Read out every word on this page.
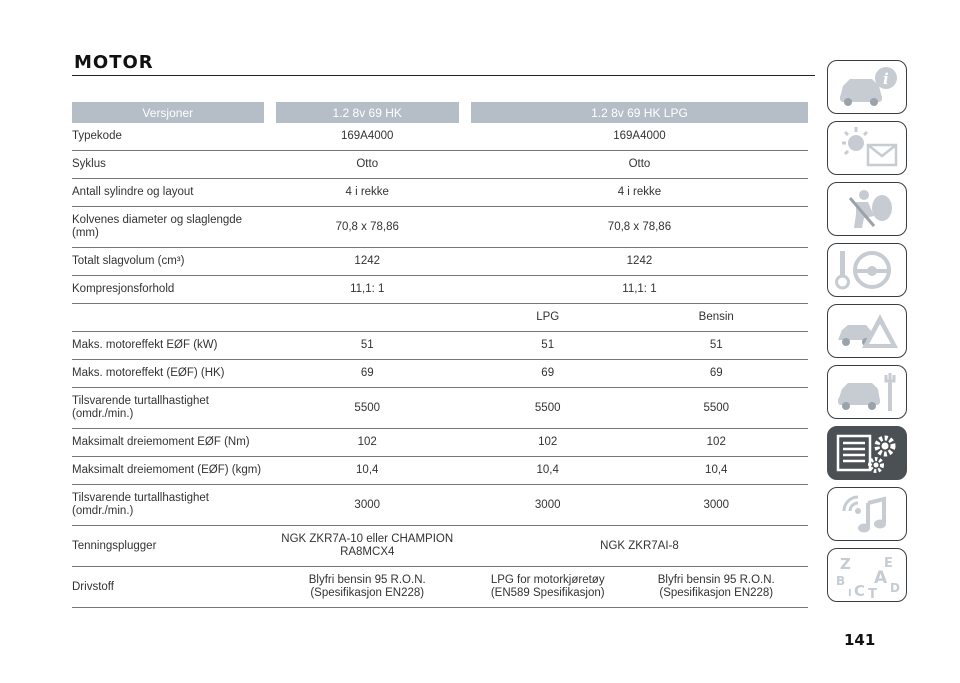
MOTOR
Versjoner		1.2 8v 69 HK		1.2 8v 69 HK LPG	
Typekode		169A4000		169A4000	
Syklus		Otto		Otto	
Antall sylindre og layout		4 i rekke		4 i rekke	
Kolvenes diameter og slaglengde (mm)		70,8 x 78,86		70,8 x 78,86	
Totalt slagvolum (cm³)		1242		1242	
Kompresjonsforhold		11,1: 1		11,1: 1	
				LPG	Bensin
Maks. motoreffekt EØF (kW)		51		51	51
Maks. motoreffekt (EØF) (HK)		69		69	69
Tilsvarende turtallhastighet (omdr./min.)		5500		5500	5500
Maksimalt dreiemoment EØF (Nm)		102		102	102
Maksimalt dreiemoment (EØF) (kgm)		10,4		10,4	10,4
Tilsvarende turtallhastighet (omdr./min.)		3000		3000	3000
Tenningsplugger		NGK ZKR7A-10 eller CHAMPION RA8MCX4		NGK ZKR7AI-8	
Drivstoff		Blyfri bensin 95 R.O.N. (Spesifikasjon EN228)		LPG for motorkjøretøy (EN589 Spesifikasjon)	Blyfri bensin 95 R.O.N. (Spesifikasjon EN228)
i
Z	E
B A
C D
I T
141
